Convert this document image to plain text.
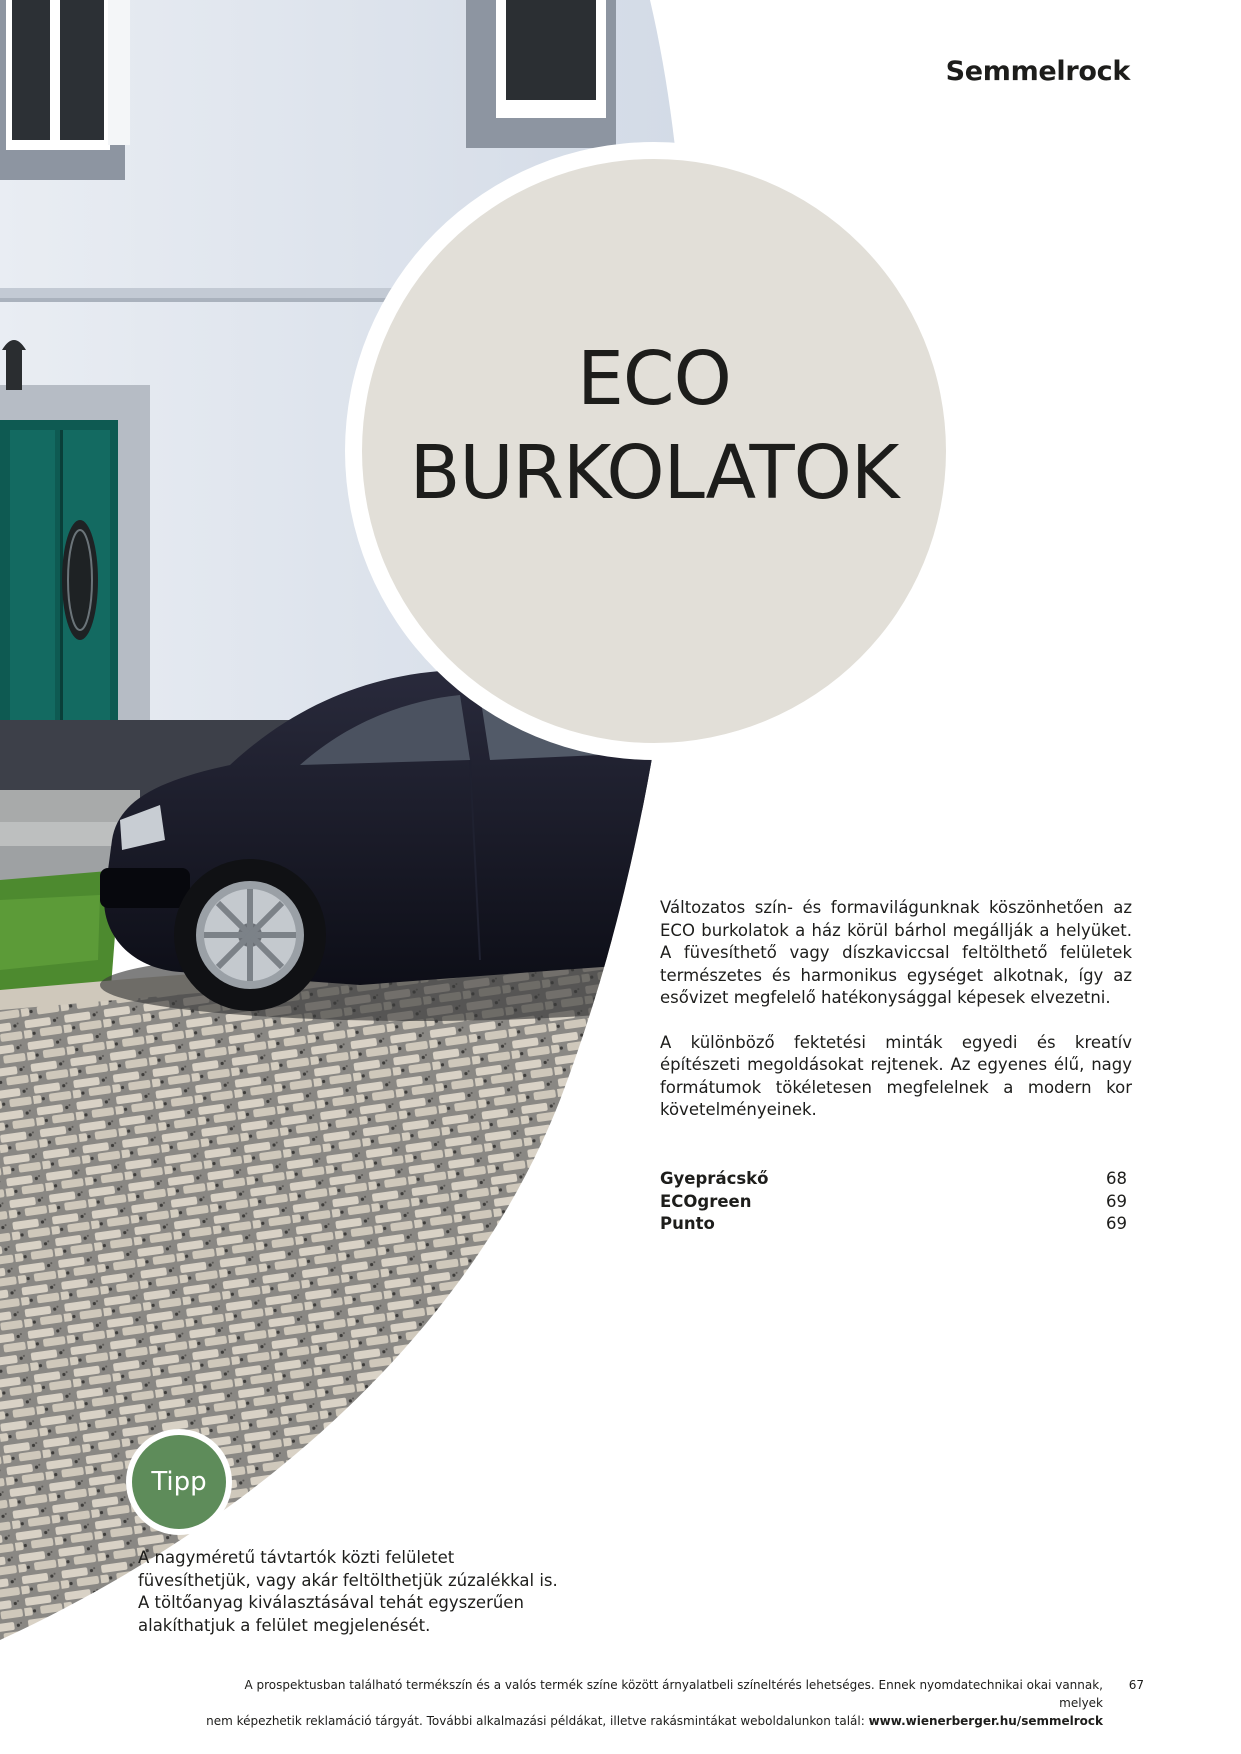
Semmelrock
ECO
BURKOLATOK

Változatos szín- és formavilágunknak köszönhetően az ECO burkolatok a ház körül bárhol megállják a helyüket. A füvesíthető vagy díszkaviccsal feltölthető felületek természetes és harmonikus egységet alkotnak, így az esővizet megfelelő hatékonysággal képesek elvezetni.

A különböző fektetési minták egyedi és kreatív építészeti megoldásokat rejtenek. Az egyenes élű, nagy formátumok tökéletesen megfelelnek a modern kor követelményeinek.

Gyeprácskő	68
ECOgreen	69
Punto	69
Tipp
A nagyméretű távtartók közti felületet füvesíthetjük, vagy akár feltölthetjük zúzalékkal is. A töltőanyag kiválasztásával tehát egyszerűen alakíthatjuk a felület megjelenését.
A prospektusban található termékszín és a valós termék színe között árnyalatbeli színeltérés lehetséges. Ennek nyomdatechnikai okai vannak, melyek
nem képezhetik reklamáció tárgyát. További alkalmazási példákat, illetve rakásmintákat weboldalunkon talál: www.wienerberger.hu/semmelrock
67
